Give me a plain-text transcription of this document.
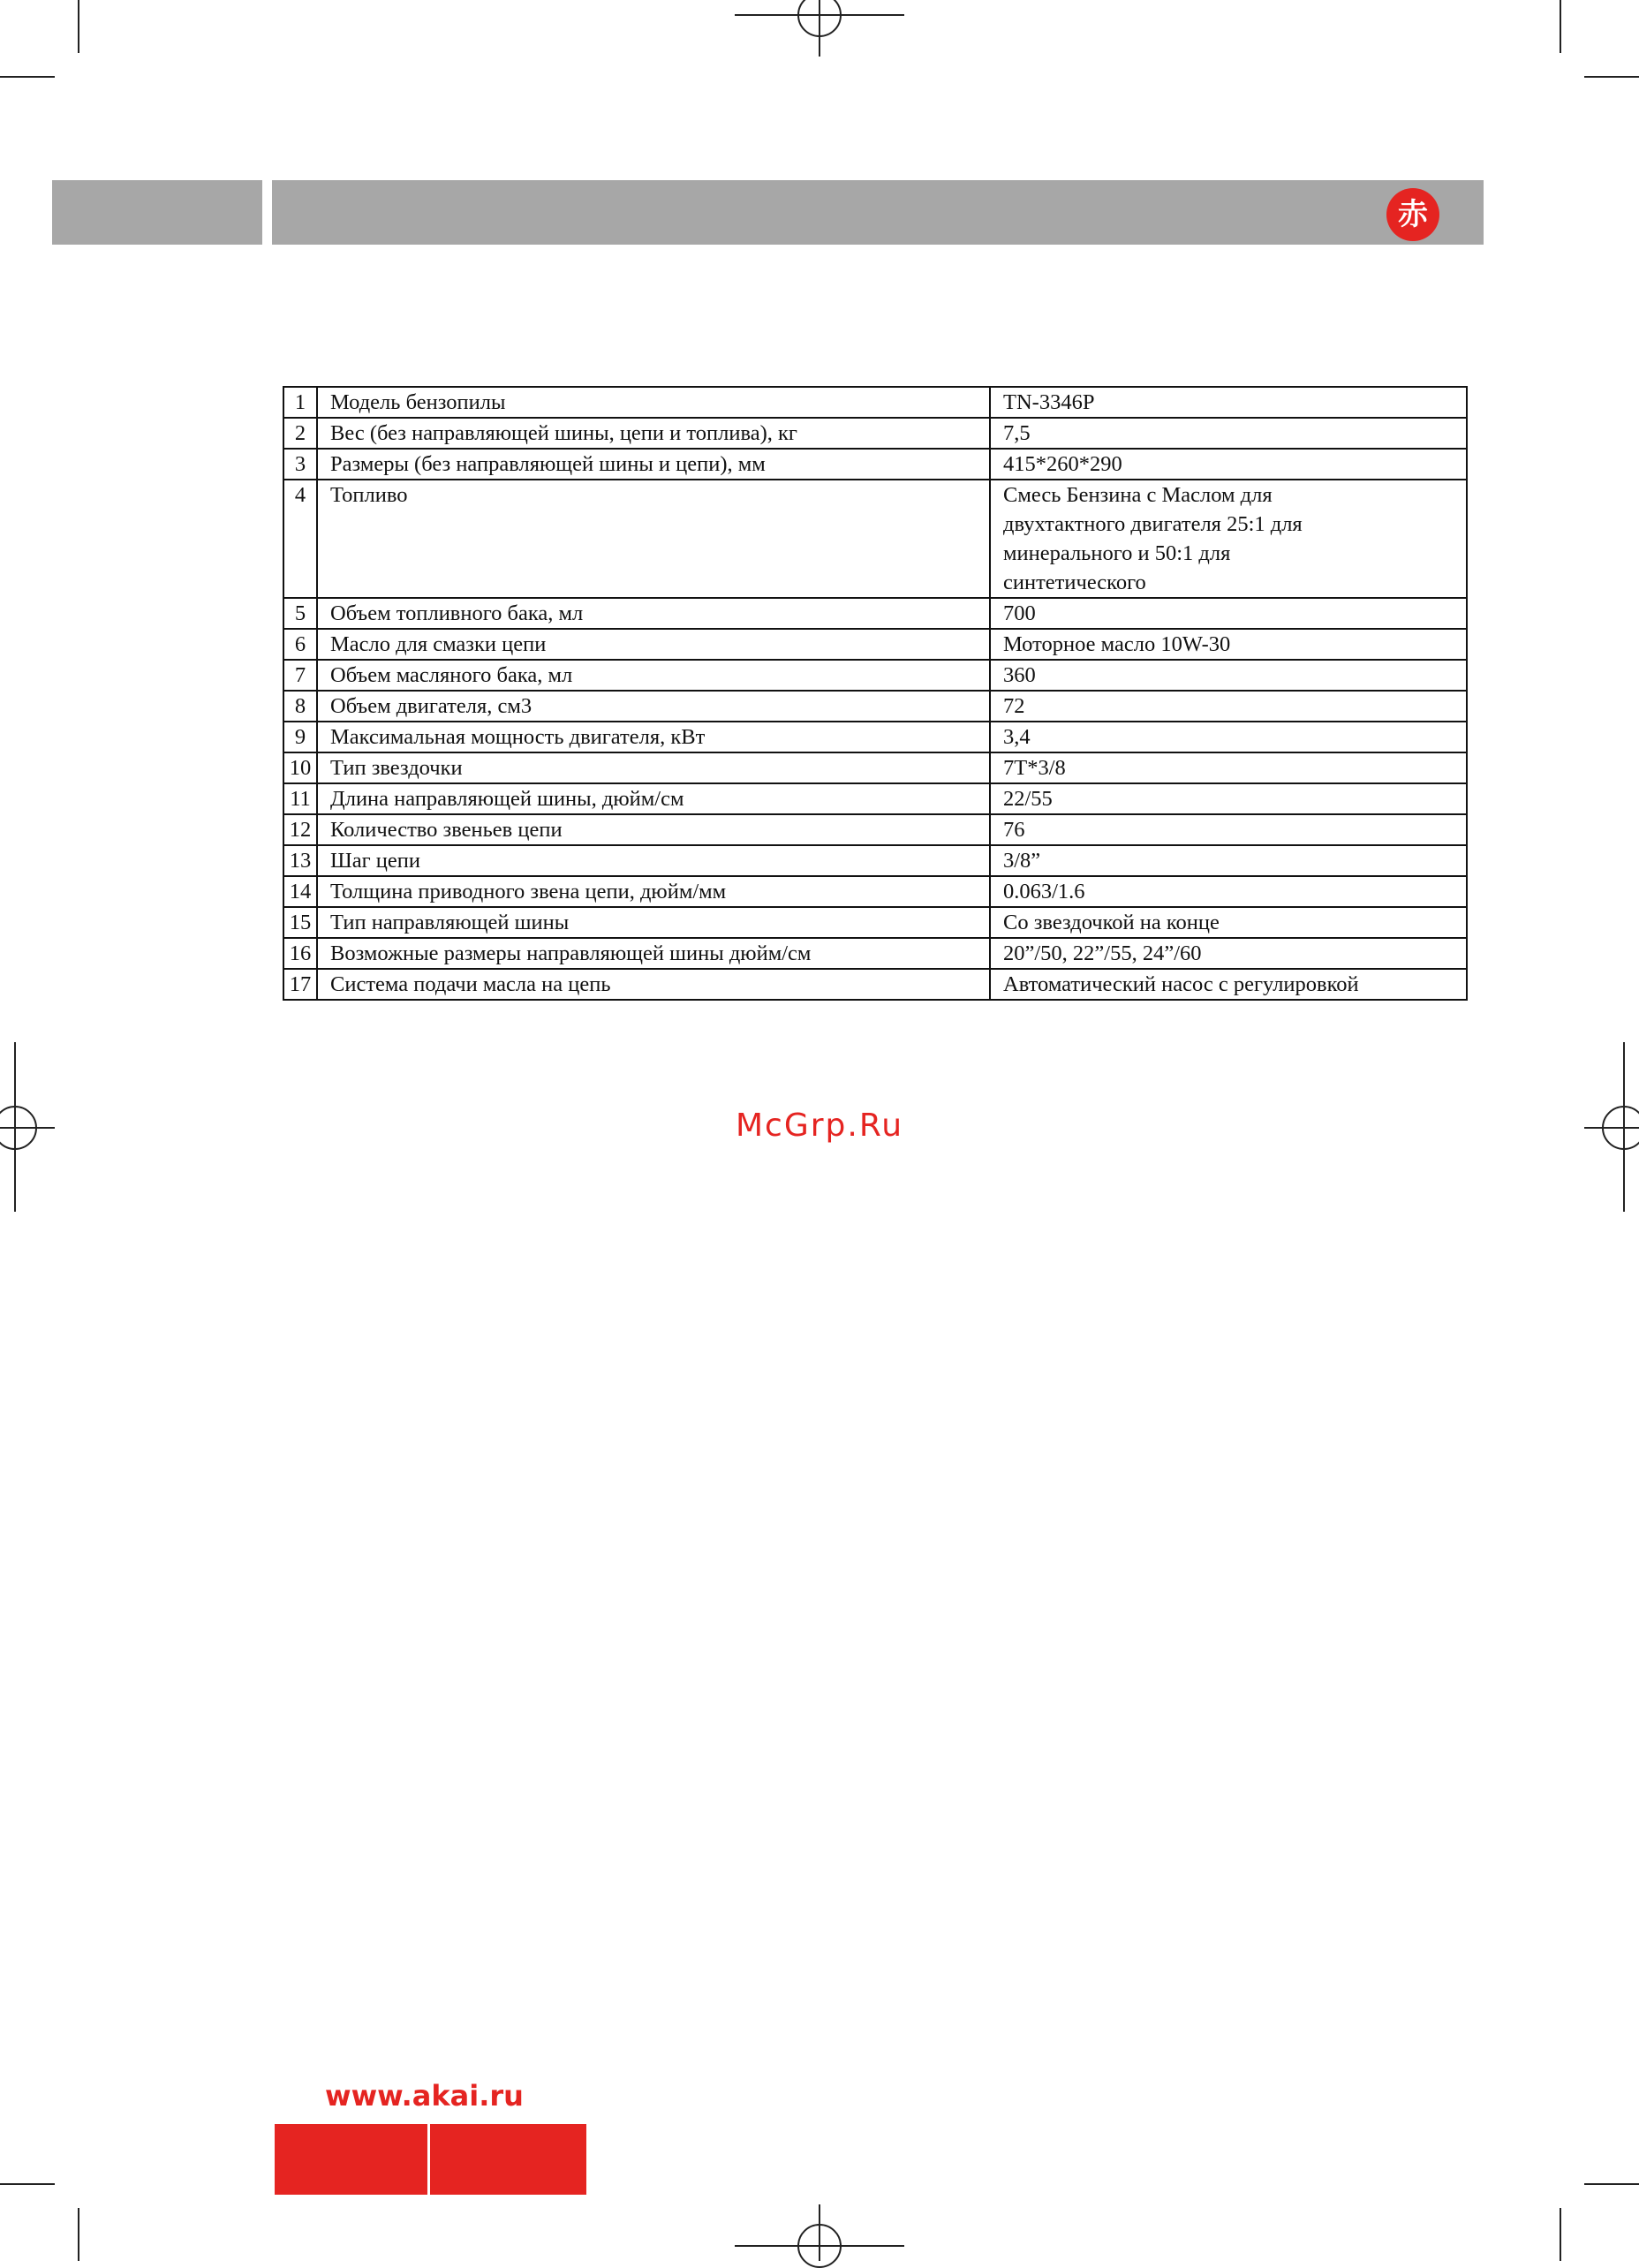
赤
1	Модель бензопилы	TN-3346P
2	Вес (без направляющей шины, цепи и топлива), кг	7,5
3	Размеры (без направляющей шины и цепи), мм	415*260*290
4	Топливо	Смесь Бензина с Маслом для
двухтактного двигателя 25:1 для
минерального и 50:1 для
синтетического
5	Объем топливного бака, мл	700
6	Масло для смазки цепи	Моторное масло 10W-30
7	Объем масляного бака, мл	360
8	Объем двигателя, см3	72
9	Максимальная мощность двигателя, кВт	3,4
10	Тип звездочки	7T*3/8
11	Длина направляющей шины, дюйм/см	22/55
12	Количество звеньев цепи	76
13	Шаг цепи	3/8”
14	Толщина приводного звена цепи, дюйм/мм	0.063/1.6
15	Тип направляющей шины	Со звездочкой на конце
16	Возможные размеры направляющей шины дюйм/см	20”/50, 22”/55, 24”/60
17	Система подачи масла на цепь	Автоматический насос с регулировкой
McGrp.Ru
www.akai.ru
